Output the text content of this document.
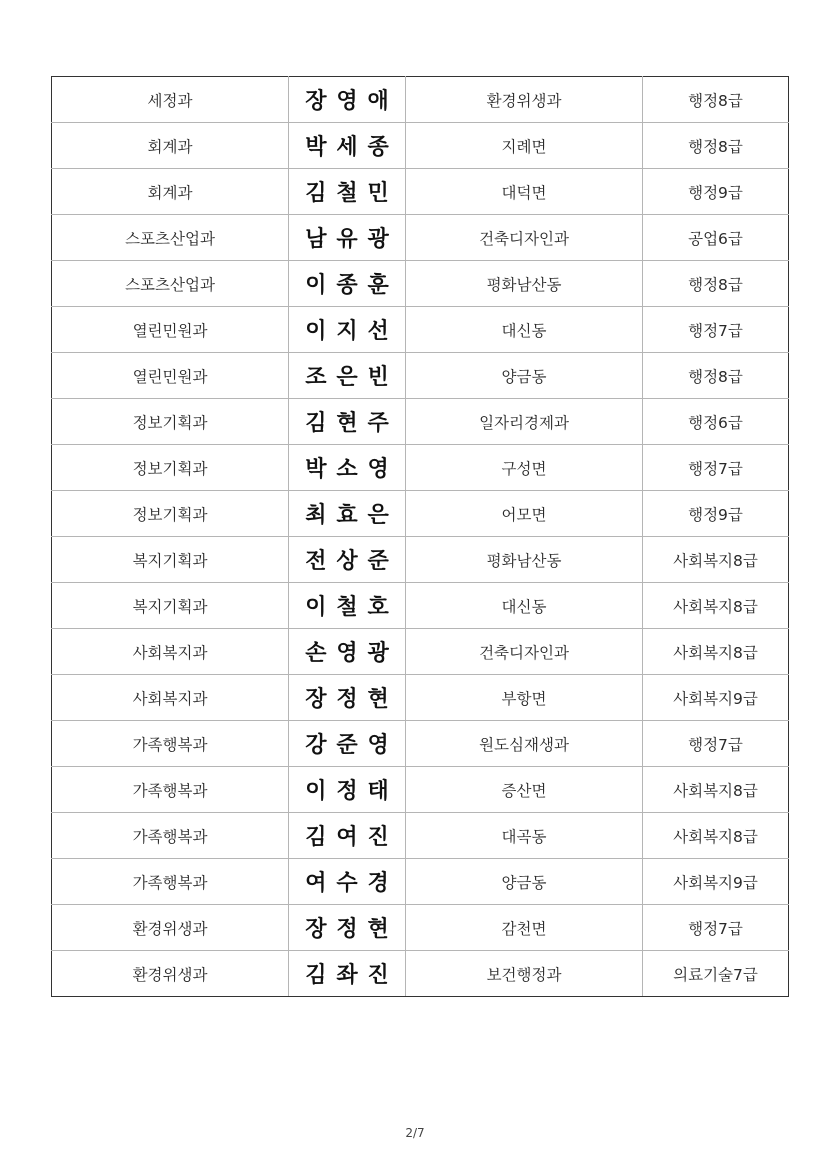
세정과	장영애	환경위생과	행정8급
회계과	박세종	지례면	행정8급
회계과	김철민	대덕면	행정9급
스포츠산업과	남유광	건축디자인과	공업6급
스포츠산업과	이종훈	평화남산동	행정8급
열린민원과	이지선	대신동	행정7급
열린민원과	조은빈	양금동	행정8급
정보기획과	김현주	일자리경제과	행정6급
정보기획과	박소영	구성면	행정7급
정보기획과	최효은	어모면	행정9급
복지기획과	전상준	평화남산동	사회복지8급
복지기획과	이철호	대신동	사회복지8급
사회복지과	손영광	건축디자인과	사회복지8급
사회복지과	장정현	부항면	사회복지9급
가족행복과	강준영	원도심재생과	행정7급
가족행복과	이정태	증산면	사회복지8급
가족행복과	김여진	대곡동	사회복지8급
가족행복과	여수경	양금동	사회복지9급
환경위생과	장정현	감천면	행정7급
환경위생과	김좌진	보건행정과	의료기술7급
2/7
